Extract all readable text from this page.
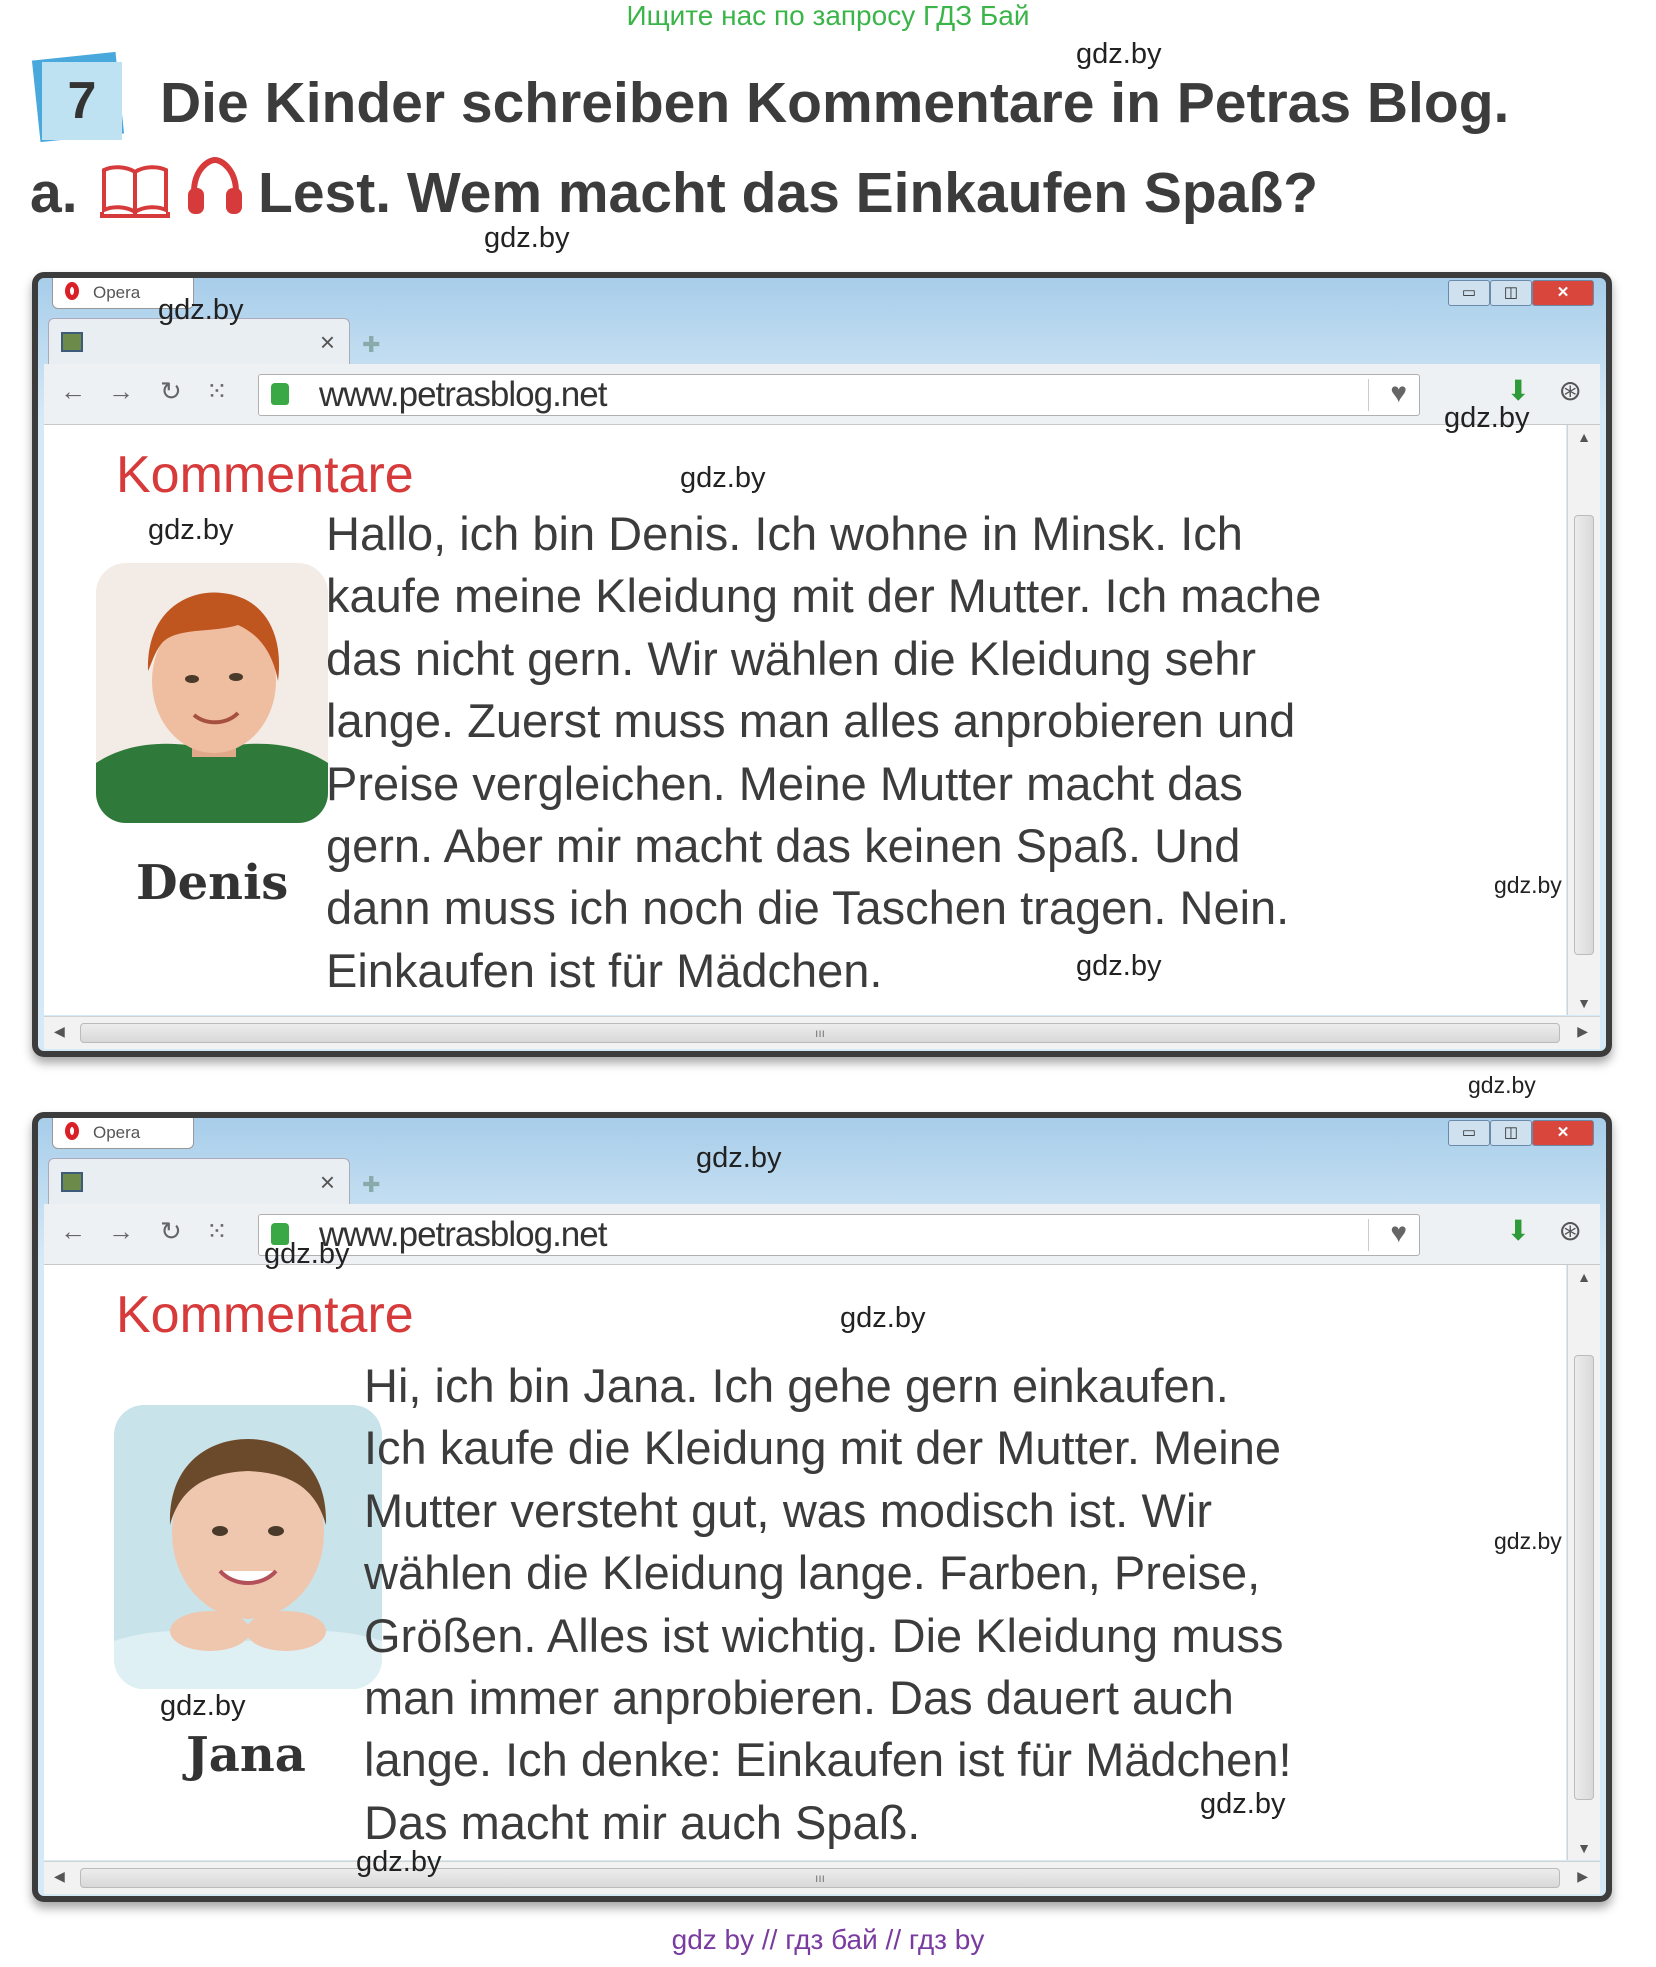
Ищите нас по запросу ГДЗ Бай
7	Die Kinder schreiben Kommentare in Petras Blog.
a.	Lest. Wem macht das Einkaufen Spaß?
Opera	▭	◫	✕
× ✚
← → ↻ ⁙	www.petrasblog.net	♥	⬇ ⊛
Kommentare
Denis
Hallo, ich bin Denis. Ich wohne in Minsk. Ich
kaufe meine Kleidung mit der Mutter. Ich mache
das nicht gern. Wir wählen die Kleidung sehr
lange. Zuerst muss man alles anprobieren und
Preise vergleichen. Meine Mutter macht das
gern. Aber mir macht das keinen Spaß. Und
dann muss ich noch die Taschen tragen. Nein.
Einkaufen ist für Mädchen.
▲
▼
◀	ııı	▶
Opera	▭	◫	✕
× ✚
← → ↻ ⁙	www.petrasblog.net	♥	⬇ ⊛
Kommentare
Jana
Hi, ich bin Jana. Ich gehe gern einkaufen.
Ich kaufe die Kleidung mit der Mutter. Meine
Mutter versteht gut, was modisch ist. Wir
wählen die Kleidung lange. Farben, Preise,
Größen. Alles ist wichtig. Die Kleidung muss
man immer anprobieren. Das dauert auch
lange. Ich denke: Einkaufen ist für Mädchen!
Das macht mir auch Spaß.
▲
▼
◀	ııı	▶
gdz.by
gdz.by
gdz.by
gdz.by
gdz.by
gdz.by
gdz.by
gdz.by
gdz.by
gdz.by
gdz.by
gdz.by
gdz.by
gdz.by
gdz.by
gdz.by
gdz by // гдз бай // гдз by
